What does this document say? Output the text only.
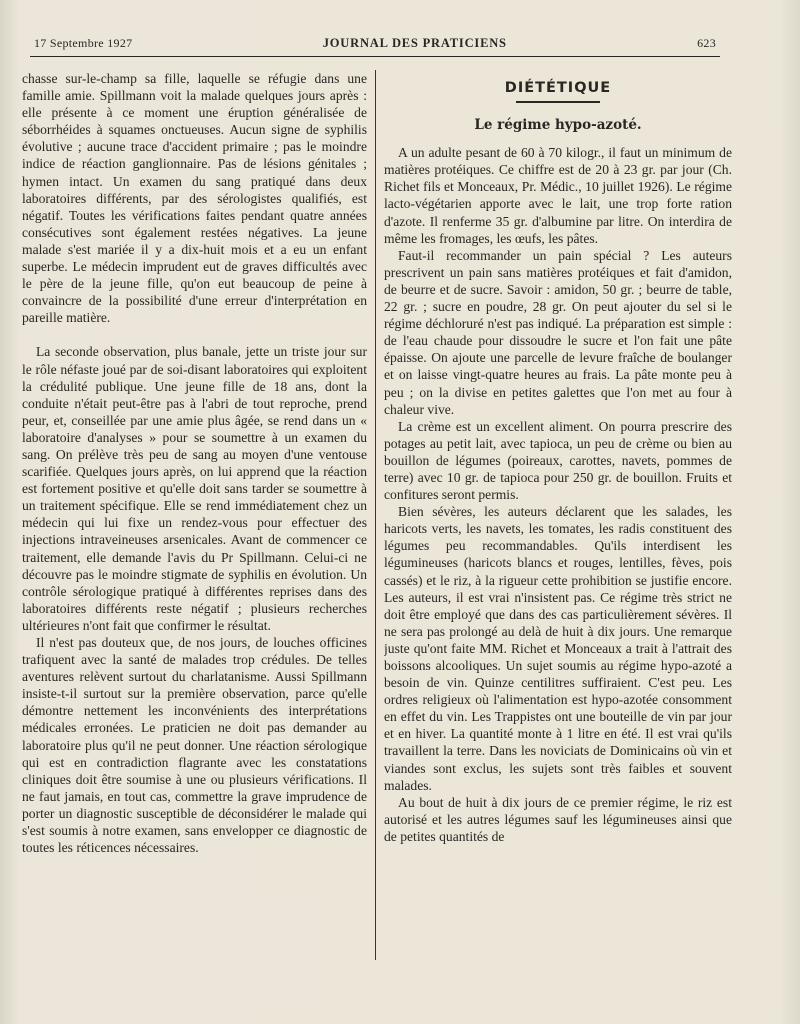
17 Septembre 1927	JOURNAL DES PRATICIENS	623

chasse sur-le-champ sa fille, laquelle se réfugie dans une famille amie. Spillmann voit la malade quelques jours après : elle présente à ce moment une éruption généralisée de séborrhéides à squames onctueuses. Aucun signe de syphilis évolutive ; aucune trace d'accident primaire ; pas le moindre indice de réaction ganglionnaire. Pas de lésions génitales ; hymen intact. Un examen du sang pratiqué dans deux laboratoires différents, par des sérologistes qualifiés, est négatif. Toutes les vérifications faites pendant quatre années consécutives sont également restées négatives. La jeune malade s'est mariée il y a dix-huit mois et a eu un enfant superbe. Le médecin imprudent eut de graves difficultés avec le père de la jeune fille, qu'on eut beaucoup de peine à convaincre de la possibilité d'une erreur d'interprétation en pareille matière.

La seconde observation, plus banale, jette un triste jour sur le rôle néfaste joué par de soi-disant laboratoires qui exploitent la crédulité publique. Une jeune fille de 18 ans, dont la conduite n'était peut-être pas à l'abri de tout reproche, prend peur, et, conseillée par une amie plus âgée, se rend dans un « laboratoire d'analyses » pour se soumettre à un examen du sang. On prélève très peu de sang au moyen d'une ventouse scarifiée. Quelques jours après, on lui apprend que la réaction est fortement positive et qu'elle doit sans tarder se soumettre à un traitement spécifique. Elle se rend immédiatement chez un médecin qui lui fixe un rendez-vous pour effectuer des injections intraveineuses arsenicales. Avant de commencer ce traitement, elle demande l'avis du Pr Spillmann. Celui-ci ne découvre pas le moindre stigmate de syphilis en évolution. Un contrôle sérologique pratiqué à différentes reprises dans des laboratoires différents reste négatif ; plusieurs recherches ultérieures n'ont fait que confirmer le résultat.

Il n'est pas douteux que, de nos jours, de louches officines trafiquent avec la santé de malades trop crédules. De telles aventures relèvent surtout du charlatanisme. Aussi Spillmann insiste-t-il surtout sur la première observation, parce qu'elle démontre nettement les inconvénients des interprétations médicales erronées. Le praticien ne doit pas demander au laboratoire plus qu'il ne peut donner. Une réaction sérologique qui est en contradiction flagrante avec les constatations cliniques doit être soumise à une ou plusieurs vérifications. Il ne faut jamais, en tout cas, commettre la grave imprudence de porter un diagnostic susceptible de déconsidérer le malade qui s'est soumis à notre examen, sans envelopper ce diagnostic de toutes les réticences nécessaires.

DIÉTÉTIQUE
Le régime hypo-azoté.

A un adulte pesant de 60 à 70 kilogr., il faut un minimum de matières protéiques. Ce chiffre est de 20 à 23 gr. par jour (Ch. Richet fils et Monceaux, Pr. Médic., 10 juillet 1926). Le régime lacto-végétarien apporte avec le lait, une trop forte ration d'azote. Il renferme 35 gr. d'albumine par litre. On interdira de même les fromages, les œufs, les pâtes.

Faut-il recommander un pain spécial ? Les auteurs prescrivent un pain sans matières protéiques et fait d'amidon, de beurre et de sucre. Savoir : amidon, 50 gr. ; beurre de table, 22 gr. ; sucre en poudre, 28 gr. On peut ajouter du sel si le régime déchloruré n'est pas indiqué. La préparation est simple : de l'eau chaude pour dissoudre le sucre et l'on fait une pâte épaisse. On ajoute une parcelle de levure fraîche de boulanger et on laisse vingt-quatre heures au frais. La pâte monte peu à peu ; on la divise en petites galettes que l'on met au four à chaleur vive.

La crème est un excellent aliment. On pourra prescrire des potages au petit lait, avec tapioca, un peu de crème ou bien au bouillon de légumes (poireaux, carottes, navets, pommes de terre) avec 10 gr. de tapioca pour 250 gr. de bouillon. Fruits et confitures seront permis.

Bien sévères, les auteurs déclarent que les salades, les haricots verts, les navets, les tomates, les radis constituent des légumes peu recommandables. Qu'ils interdisent les légumineuses (haricots blancs et rouges, lentilles, fèves, pois cassés) et le riz, à la rigueur cette prohibition se justifie encore. Les auteurs, il est vrai n'insistent pas. Ce régime très strict ne doit être employé que dans des cas particulièrement sévères. Il ne sera pas prolongé au delà de huit à dix jours. Une remarque juste qu'ont faite MM. Richet et Monceaux a trait à l'attrait des boissons alcooliques. Un sujet soumis au régime hypo-azoté a besoin de vin. Quinze centilitres suffiraient. C'est peu. Les ordres religieux où l'alimentation est hypo-azotée consomment en effet du vin. Les Trappistes ont une bouteille de vin par jour et en hiver. La quantité monte à 1 litre en été. Il est vrai qu'ils travaillent la terre. Dans les noviciats de Dominicains où vin et viandes sont exclus, les sujets sont très faibles et souvent malades.

Au bout de huit à dix jours de ce premier régime, le riz est autorisé et les autres légumes sauf les légumineuses ainsi que de petites quantités de
